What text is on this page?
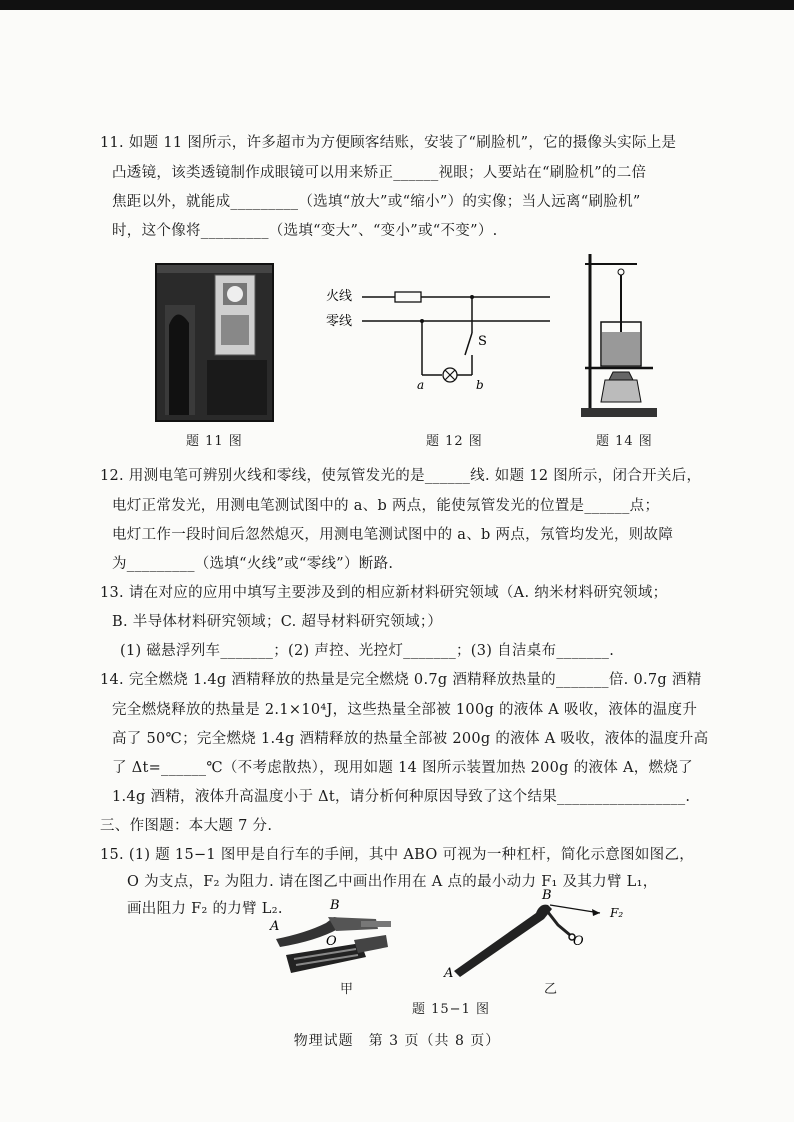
11. 如题 11 图所示，许多超市为方便顾客结账，安装了“刷脸机”，它的摄像头实际上是
凸透镜，该类透镜制作成眼镜可以用来矫正______视眼；人要站在“刷脸机”的二倍
焦距以外，就能成_________（选填“放大”或“缩小”）的实像；当人远离“刷脸机”
时，这个像将_________（选填“变大”、“变小”或“不变”）.
题 11 图
火线
零线
S
a	b
题 12 图	题 14 图
12. 用测电笔可辨别火线和零线，使氖管发光的是______线. 如题 12 图所示，闭合开关后，
电灯正常发光，用测电笔测试图中的 a、b 两点，能使氖管发光的位置是______点；
电灯工作一段时间后忽然熄灭，用测电笔测试图中的 a、b 两点，氖管均发光，则故障
为_________（选填“火线”或“零线”）断路.
13. 请在对应的应用中填写主要涉及到的相应新材料研究领域（A. 纳米材料研究领域；
B. 半导体材料研究领域；C. 超导材料研究领域；）
(1) 磁悬浮列车_______；(2) 声控、光控灯_______；(3) 自洁桌布_______.
14. 完全燃烧 1.4g 酒精释放的热量是完全燃烧 0.7g 酒精释放热量的_______倍. 0.7g 酒精
完全燃烧释放的热量是 2.1×10⁴J，这些热量全部被 100g 的液体 A 吸收，液体的温度升
高了 50℃；完全燃烧 1.4g 酒精释放的热量全部被 200g 的液体 A 吸收，液体的温度升高
了 Δt=______℃（不考虑散热），现用如题 14 图所示装置加热 200g 的液体 A，燃烧了
1.4g 酒精，液体升高温度小于 Δt，请分析何种原因导致了这个结果_________________.
三、作图题：本大题 7 分.
15. (1) 题 15−1 图甲是自行车的手闸，其中 ABO 可视为一种杠杆，简化示意图如图乙，
O 为支点，F₂ 为阻力. 请在图乙中画出作用在 A 点的最小动力 F₁ 及其力臂 L₁，
画出阻力 F₂ 的力臂 L₂.
A
B
O
甲
B
A
O
F₂
乙
题 15−1 图
物理试题　第 3 页（共 8 页）
